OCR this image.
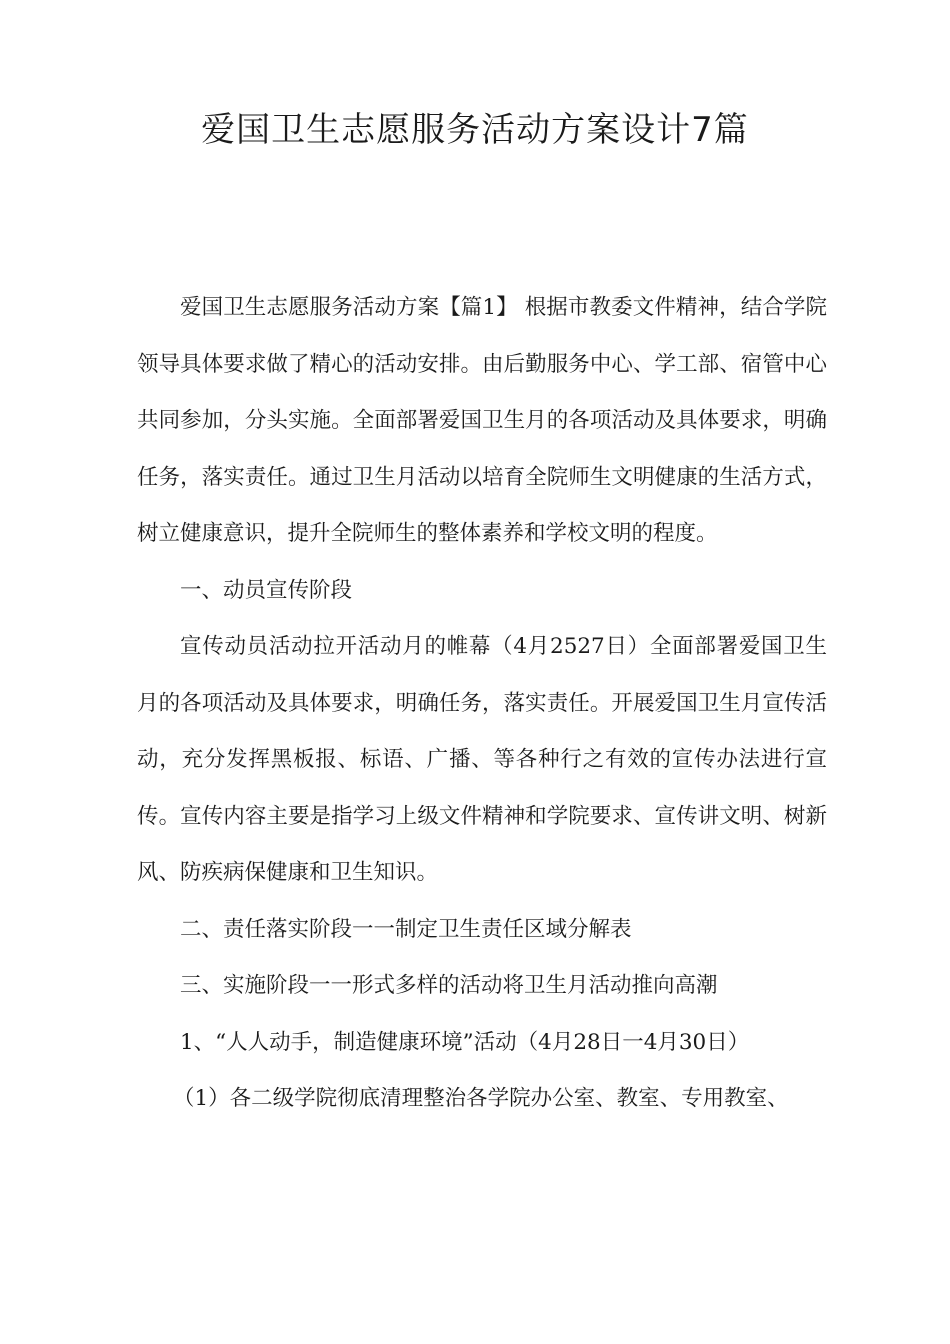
爱国卫生志愿服务活动方案设计7篇

爱国卫生志愿服务活动方案【篇1】 根据市教委文件精神，结合学院领导具体要求做了精心的活动安排。由后勤服务中心、学工部、宿管中心共同参加，分头实施。全面部署爱国卫生月的各项活动及具体要求，明确任务，落实责任。通过卫生月活动以培育全院师生文明健康的生活方式，树立健康意识，提升全院师生的整体素养和学校文明的程度。

一、动员宣传阶段

宣传动员活动拉开活动月的帷幕（4月2527日）全面部署爱国卫生月的各项活动及具体要求，明确任务，落实责任。开展爱国卫生月宣传活动，充分发挥黑板报、标语、广播、等各种行之有效的宣传办法进行宣传。宣传内容主要是指学习上级文件精神和学院要求、宣传讲文明、树新风、防疾病保健康和卫生知识。

二、责任落实阶段一一制定卫生责任区域分解表

三、实施阶段一一形式多样的活动将卫生月活动推向高潮

1、“人人动手，制造健康环境”活动（4月28日一4月30日）

（1）各二级学院彻底清理整治各学院办公室、教室、专用教室、
